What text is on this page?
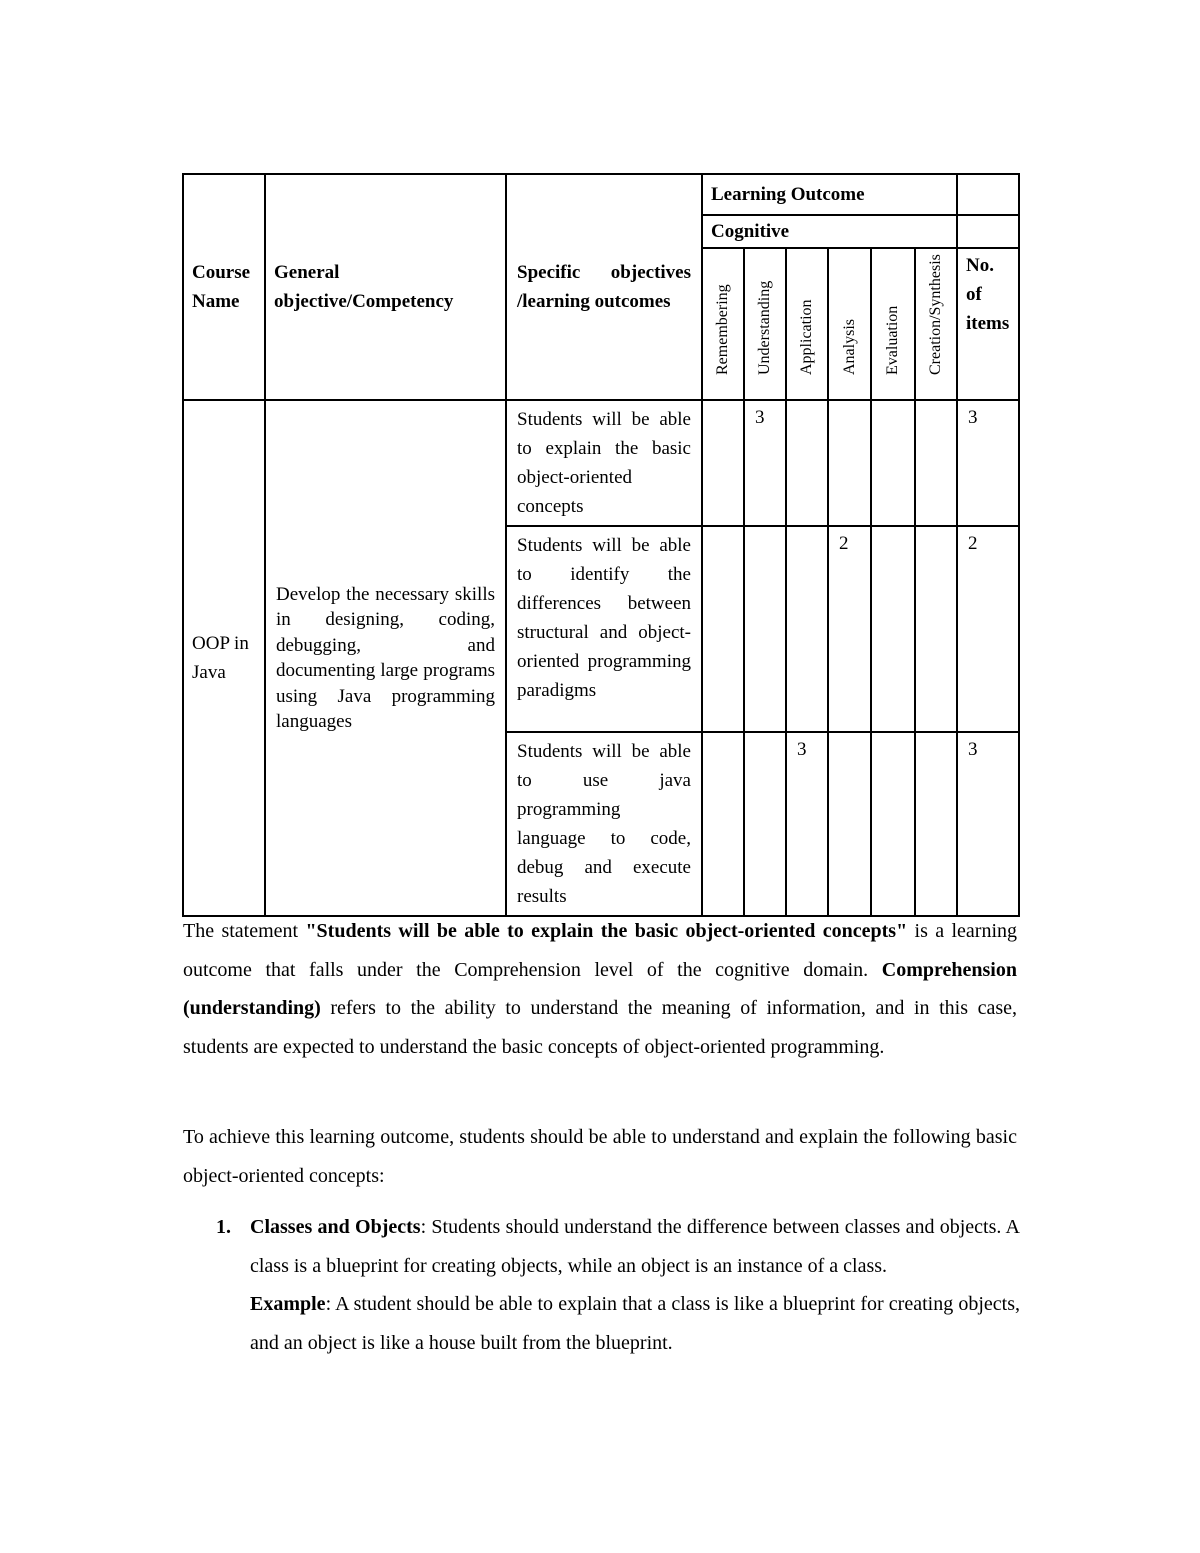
Course Name	General objective/Competency	Specific objectives /learning outcomes	Learning Outcome						
			Cognitive						

			Remembering	Understanding	Application	Analysis	Evaluation	Creation/Synthesis	No. of items
OOP in Java	Develop the necessary skills in designing, coding, debugging, and documenting large programs using Java programming languages	Students will be able to explain the basic object-oriented concepts		3					3
		Students will be able to identify the differences between structural and object-oriented programming paradigms				2			2
		Students will be able to use java programming language to code, debug and execute results			3				3
The statement "Students will be able to explain the basic object-oriented concepts" is a learning outcome that falls under the Comprehension level of the cognitive domain. Comprehension (understanding) refers to the ability to understand the meaning of information, and in this case, students are expected to understand the basic concepts of object-oriented programming.
To achieve this learning outcome, students should be able to understand and explain the following basic object-oriented concepts:
1. Classes and Objects: Students should understand the difference between classes and objects. A class is a blueprint for creating objects, while an object is an instance of a class.
Example: A student should be able to explain that a class is like a blueprint for creating objects, and an object is like a house built from the blueprint.
